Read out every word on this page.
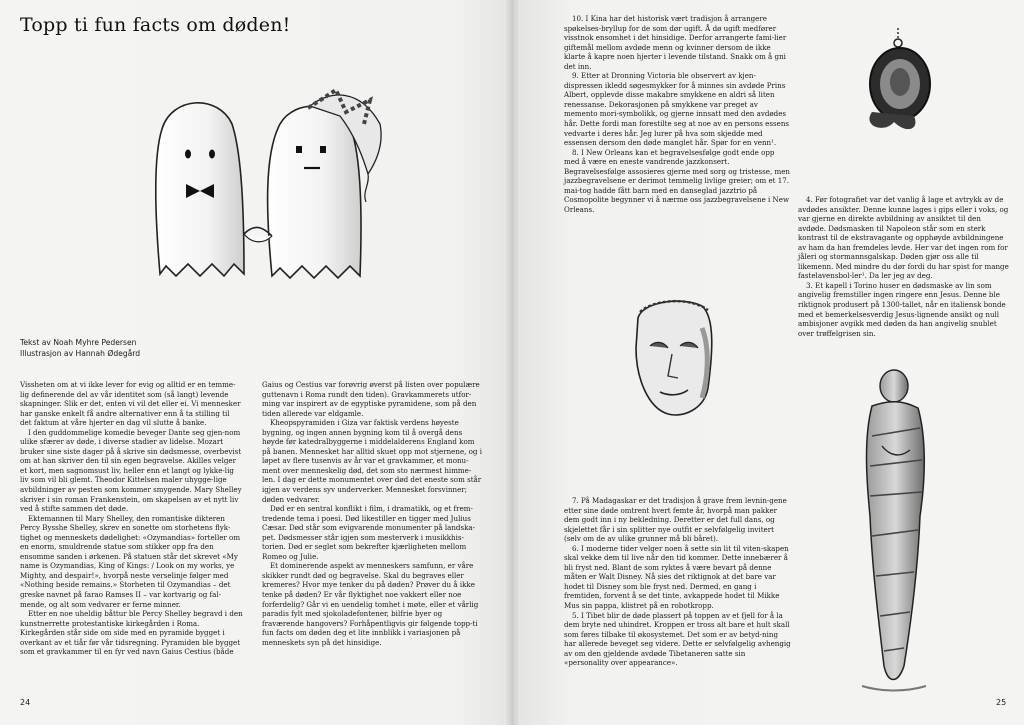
Topp ti fun facts om døden!
Tekst av Noah Myhre Pedersen
Illustrasjon av Hannah Ødegård

Vissheten om at vi ikke lever for evig og alltid er en temme-lig definerende del av vår identitet som (så langt) levende skapninger. Slik er det, enten vi vil det eller ei. Vi mennesker har ganske enkelt få andre alternativer enn å ta stilling til det faktum at våre hjerter en dag vil slutte å banke.

I den guddommelige komedie beveger Dante seg gjen-nom ulike sfærer av døde, i diverse stadier av lidelse. Mozart bruker sine siste dager på å skrive sin dødsmesse, overbevist om at han skriver den til sin egen begravelse. Akilles velger et kort, men sagnomsust liv, heller enn et langt og lykke-lig liv som vil bli glemt. Theodor Kittelsen maler uhygge-lige avbildninger av pesten som kommer smygende. Mary Shelley skriver i sin roman Frankenstein, om skapelsen av et nytt liv ved å stifte sammen det døde.

Ektemannen til Mary Shelley, den romantiske dikteren Percy Bysshe Shelley, skrev en sonette om storhetens flyk-tighet og menneskets dødelighet: «Ozymandias» forteller om en enorm, smuldrende statue som stikker opp fra den ensomme sanden i ørkenen. På statuen står det skrevet «My name is Ozymandias, King of Kings: / Look on my works, ye Mighty, and despair!», hvorpå neste verselinje følger med «Nothing beside remains.» Storheten til Ozymandias – det greske navnet på farao Ramses II – var kortvarig og fal-mende, og alt som vedvarer er ferne minner.

Etter en noe uheldig båttur ble Percy Shelley begravd i den kunstnerrette protestantiske kirkegården i Roma. Kirkegården står side om side med en pyramide bygget i overkant av et tiår før vår tidsregning. Pyramiden ble bygget som et gravkammer til en fyr ved navn Gaius Cestius (både

Gaius og Cestius var forøvrig øverst på listen over populære guttenavn i Roma rundt den tiden). Gravkammerets utfor-ming var inspirert av de egyptiske pyramidene, som på den tiden allerede var eldgamle.

Kheopspyramiden i Giza var faktisk verdens høyeste bygning, og ingen annen bygning kom til å overgå dens høyde før katedralbyggerne i middelalderens England kom på banen. Mennesket har alltid skuet opp mot stjernene, og i løpet av flere tusenvis av år var et gravkammer, et monu-ment over menneskelig død, det som sto nærmest himme-len. I dag er dette monumentet over død det eneste som står igjen av verdens syv underverker. Mennesket forsvinner; døden vedvarer.

Død er en sentral konflikt i film, i dramatikk, og et frem-tredende tema i poesi. Død likestiller en tigger med Julius Cæsar. Død står som evigvarende monumenter på landska-pet. Dødsmesser står igjen som mesterverk i musikkhis-torien. Død er seglet som bekrefter kjærligheten mellom Romeo og Julie.

Et dominerende aspekt av menneskers samfunn, er våre skikker rundt død og begravelse. Skal du begraves eller kremeres? Hvor mye tenker du på døden? Prøver du å ikke tenke på døden? Er vår flyktighet noe vakkert eller noe forferdelig? Går vi en uendelig tomhet i møte, eller et vårlig paradis fylt med sjokoladefontener, bilfrie byer og fraværende hangovers? Forhåpentligvis gir følgende topp-ti fun facts om døden deg et lite innblikk i variasjonen på menneskets syn på det hinsidige.

24

10. I Kina har det historisk vært tradisjon å arrangere spøkelses-bryllup for de som dør ugift. Å dø ugift medfører visstnok ensomhet i det hinsidige. Derfor arrangerte fami-lier giftemål mellom avdøde menn og kvinner dersom de ikke klarte å kapre noen hjerter i levende tilstand. Snakk om å gni det inn.

9. Etter at Dronning Victoria ble observert av kjen-dispressen ikledd søgesmykker for å minnes sin avdøde Prins Albert, opplevde disse makabre smykkene en aldri så liten renessanse. Dekorasjonen på smykkene var preget av memento mori-symbolikk, og gjerne innsatt med den avdødes hår. Dette fordi man forestilte seg at noe av en persons essens vedvarte i deres hår. Jeg lurer på hva som skjedde med essensen dersom den døde manglet hår. Spør for en venn¹.

8. I New Orleans kan et begravelsesfølge godt ende opp med å være en eneste vandrende jazzkonsert. Begravelsesfølge assosieres gjerne med sorg og tristesse, men jazzbegravelsene er derimot temmelig livlige greier; om et 17. mai-tog hadde fått barn med en danseglad jazztrio på Cosmopolite begynner vi å nærme oss jazzbegravelsene i New Orleans.

7. På Madagaskar er det tradisjon å grave frem levnin-gene etter sine døde omtrent hvert femte år, hvorpå man pakker dem godt inn i ny bekledning. Deretter er det full dans, og skjelettet får i sin splitter nye outfit er selvfølgelig invitert (selv om de av ulike grunner må bli båret).

6. I moderne tider velger noen å sette sin lit til viten-skapen skal vekke dem til live når den tid kommer. Dette innebærer å bli fryst ned. Blant de som ryktes å være bevart på denne måten er Walt Disney. Nå sies det riktignok at det bare var hodet til Disney som ble fryst ned. Dermed, en gang i fremtiden, forvent å se det tinte, avkappede hodet til Mikke Mus sin pappa, klistret på en robotkropp.

5. I Tibet blir de døde plassert på toppen av et fjell for å la dem bryte ned uhindret. Kroppen er tross alt bare et hult skall som føres tilbake til økosystemet. Det som er av betyd-ning har allerede beveget seg videre. Dette er selvfølgelig avhengig av om den gjeldende avdøde Tibetaneren satte sin «personality over appearance».

4. Før fotografiet var det vanlig å lage et avtrykk av de avdødes ansikter. Denne kunne lages i gips eller i voks, og var gjerne en direkte avbildning av ansiktet til den avdøde. Dødsmasken til Napoleon står som en sterk kontrast til de ekstravagante og opphøyde avbildningene av ham da han fremdeles levde. Her var det ingen rom for jåleri og stormannsgalskap. Døden gjør oss alle til likemenn. Med mindre du dør fordi du har spist for mange fastelavensbol-ler¹. Da ler jeg av deg.

3. Et kapell i Torino huser en dødsmaske av lin som angivelig fremstiller ingen ringere enn Jesus. Denne ble riktignok produsert på 1300-tallet, når en italiensk bonde med et bemerkelsesverdig Jesus-lignende ansikt og null ambisjoner avgikk med døden da han angivelig snublet over trøffelgrisen sin.

25
